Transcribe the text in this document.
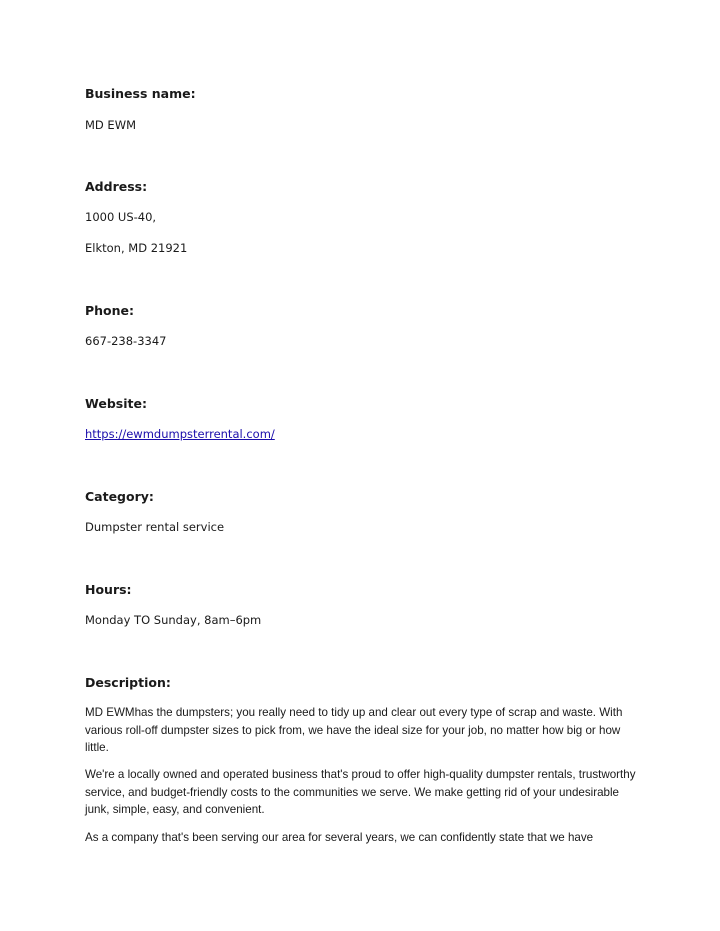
Business name:
MD EWM
Address:
1000 US-40,
Elkton, MD 21921
Phone:
667-238-3347
Website:
https://ewmdumpsterrental.com/
Category:
Dumpster rental service
Hours:
Monday TO Sunday, 8am–6pm
Description:

MD EWMhas the dumpsters; you really need to tidy up and clear out every type of scrap and waste. With various roll-off dumpster sizes to pick from, we have the ideal size for your job, no matter how big or how little.

We're a locally owned and operated business that's proud to offer high-quality dumpster rentals, trustworthy service, and budget-friendly costs to the communities we serve. We make getting rid of your undesirable junk, simple, easy, and convenient.

As a company that's been serving our area for several years, we can confidently state that we have
